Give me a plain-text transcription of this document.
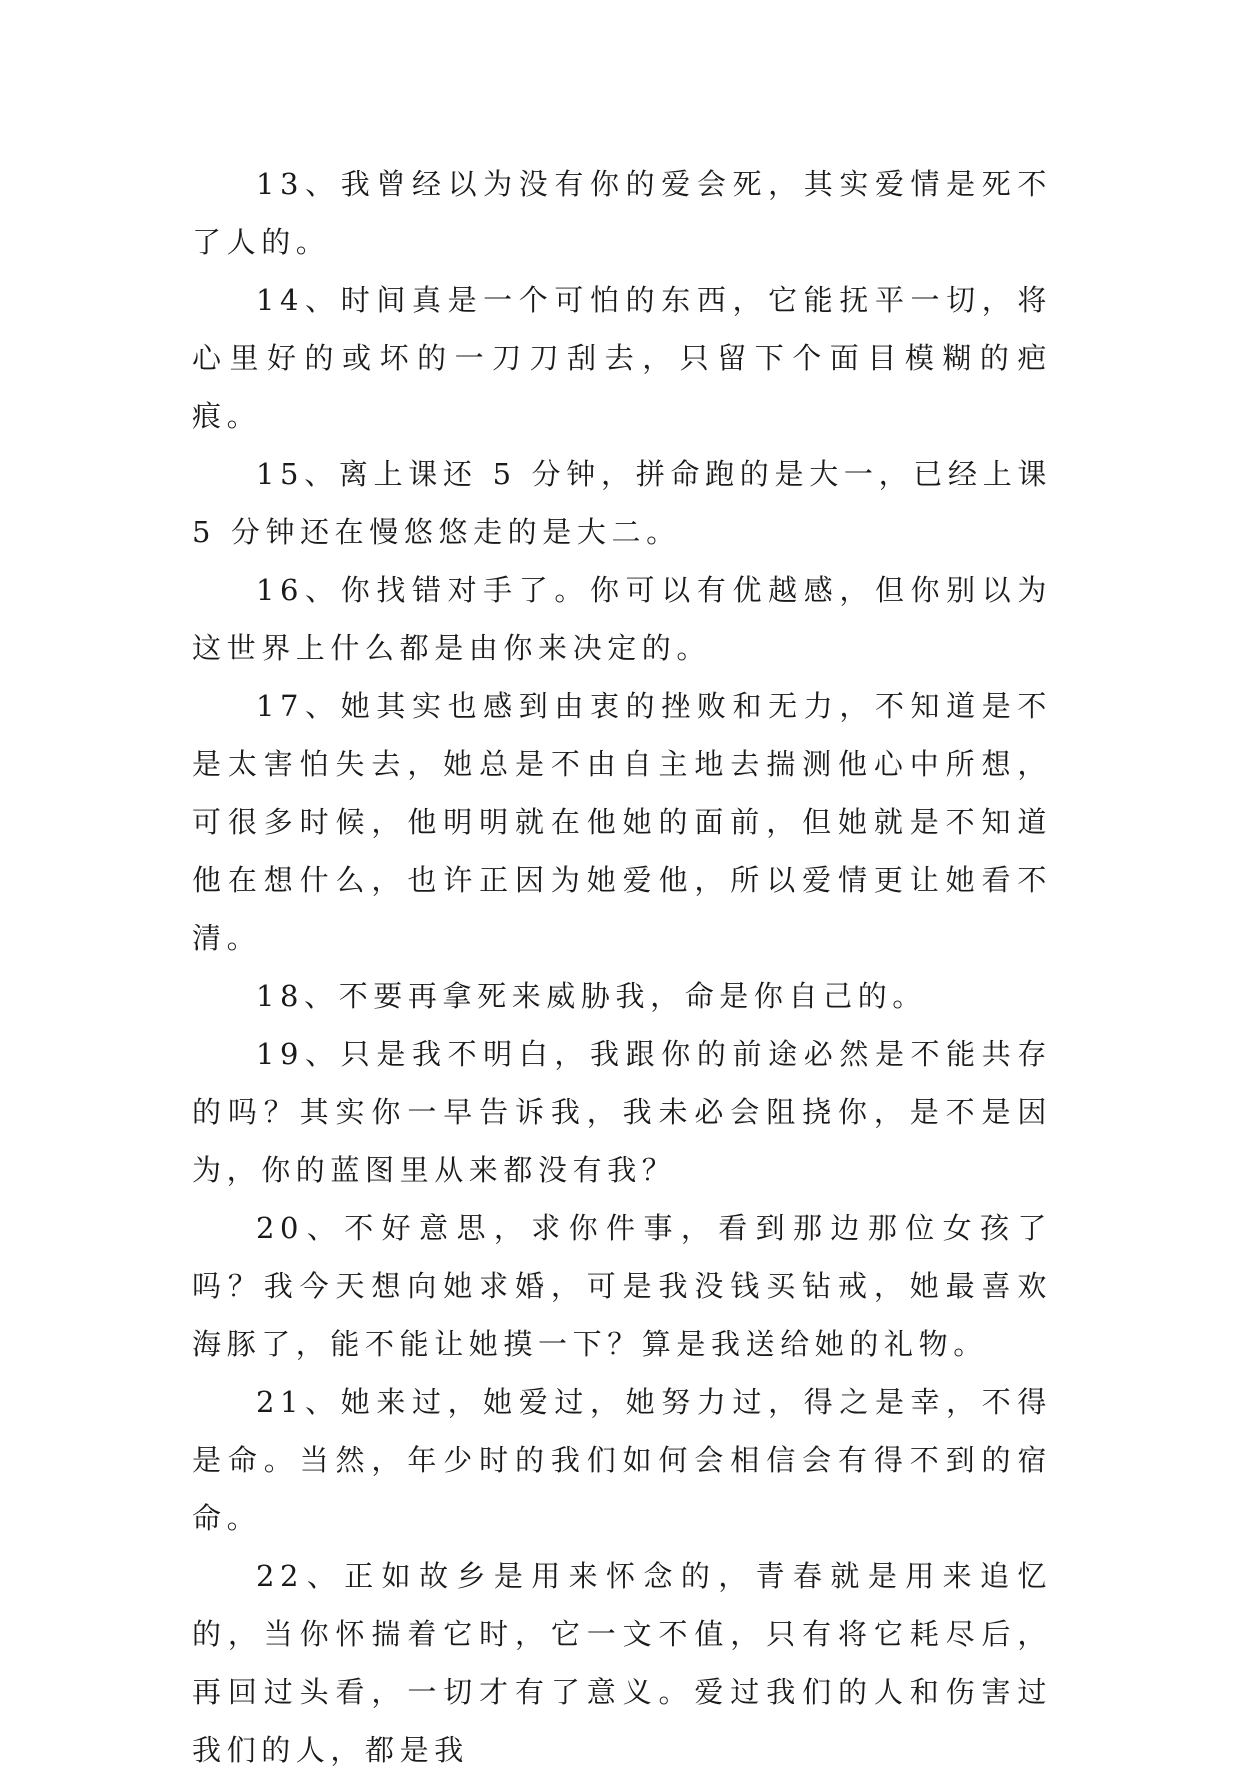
13、我曾经以为没有你的爱会死，其实爱情是死不了人的。

14、时间真是一个可怕的东西，它能抚平一切，将心里好的或坏的一刀刀刮去，只留下个面目模糊的疤痕。

15、离上课还 5 分钟，拼命跑的是大一，已经上课 5 分钟还在慢悠悠走的是大二。

16、你找错对手了。你可以有优越感，但你别以为这世界上什么都是由你来决定的。

17、她其实也感到由衷的挫败和无力，不知道是不是太害怕失去，她总是不由自主地去揣测他心中所想，可很多时候，他明明就在他她的面前，但她就是不知道他在想什么，也许正因为她爱他，所以爱情更让她看不清。

18、不要再拿死来威胁我，命是你自己的。

19、只是我不明白，我跟你的前途必然是不能共存的吗？其实你一早告诉我，我未必会阻挠你，是不是因为，你的蓝图里从来都没有我？

20、不好意思，求你件事，看到那边那位女孩了吗？我今天想向她求婚，可是我没钱买钻戒，她最喜欢海豚了，能不能让她摸一下？算是我送给她的礼物。

21、她来过，她爱过，她努力过，得之是幸，不得是命。当然，年少时的我们如何会相信会有得不到的宿命。

22、正如故乡是用来怀念的，青春就是用来追忆的，当你怀揣着它时，它一文不值，只有将它耗尽后，再回过头看，一切才有了意义。爱过我们的人和伤害过我们的人，都是我
